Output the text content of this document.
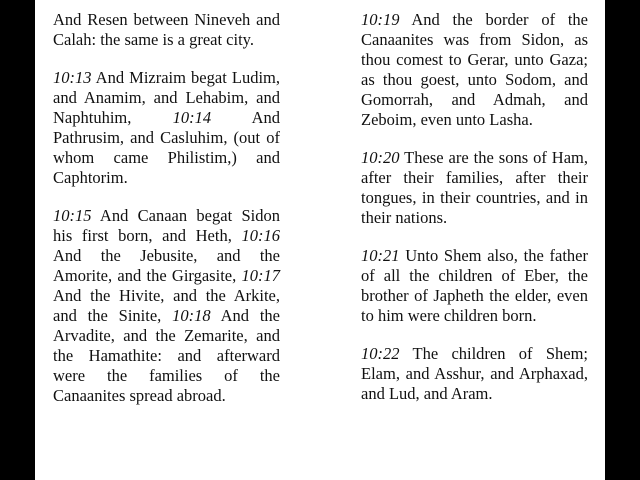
And Resen between Nineveh and Calah: the same is a great city.

10:13 And Mizraim begat Ludim, and Anamim, and Lehabim, and Naphtuhim, 10:14 And Pathrusim, and Casluhim, (out of whom came Philistim,) and Caphtorim.

10:15 And Canaan begat Sidon his first born, and Heth, 10:16 And the Jebusite, and the Amorite, and the Girgasite, 10:17 And the Hivite, and the Arkite, and the Sinite, 10:18 And the Arvadite, and the Zemarite, and the Hamathite: and afterward were the families of the Canaanites spread abroad.

10:19 And the border of the Canaanites was from Sidon, as thou comest to Gerar, unto Gaza; as thou goest, unto Sodom, and Gomorrah, and Admah, and Zeboim, even unto Lasha.

10:20 These are the sons of Ham, after their families, after their tongues, in their countries, and in their nations.

10:21 Unto Shem also, the father of all the children of Eber, the brother of Japheth the elder, even to him were children born.

10:22 The children of Shem; Elam, and Asshur, and Arphaxad, and Lud, and Aram.
